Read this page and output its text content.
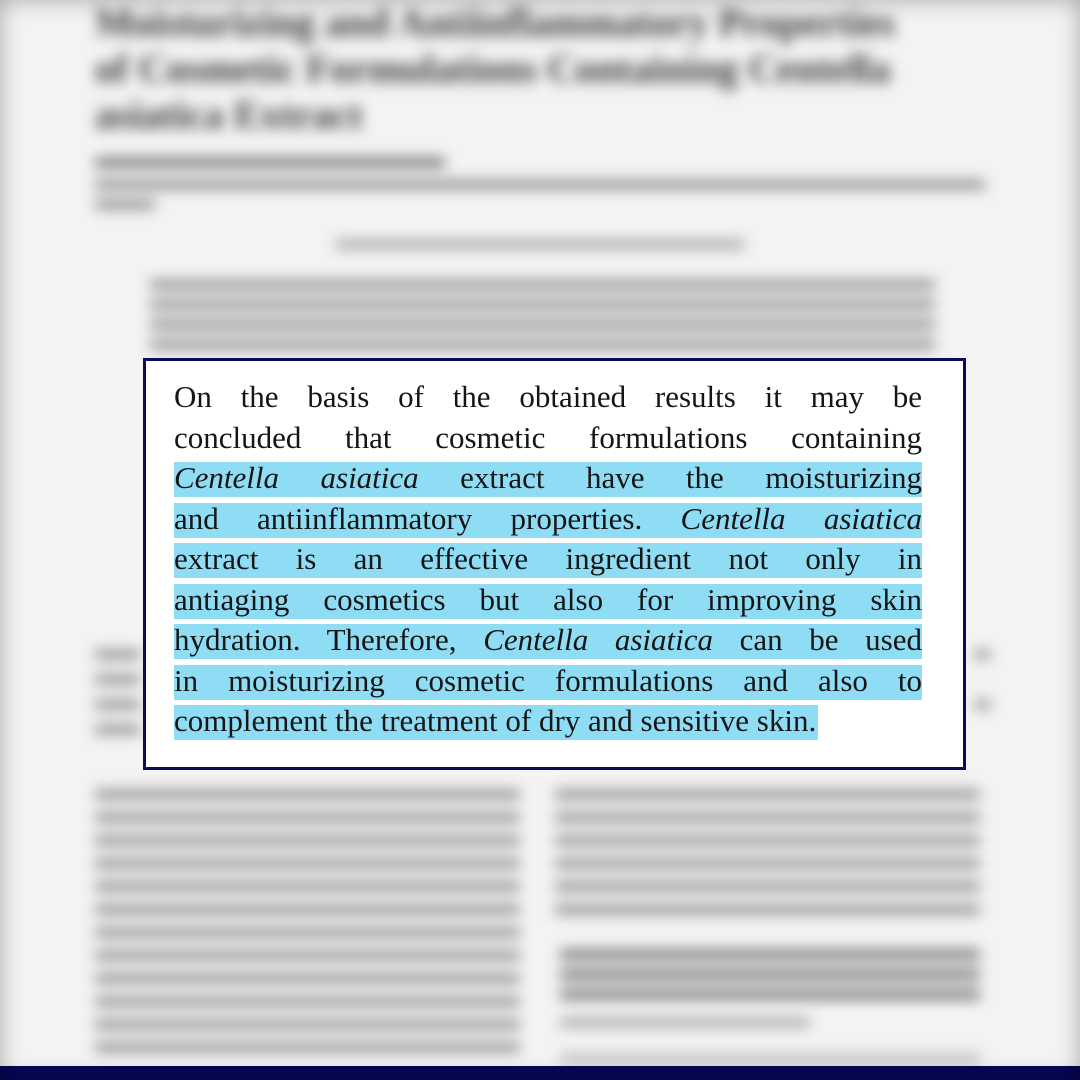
Moisturizing and Antiinflammatory Properties of Cosmetic Formulations Containing Centella asiatica Extract
On the basis of the obtained results it may be
concluded that cosmetic formulations containing
Centella asiatica extract have the moisturizing
and antiinflammatory properties. Centella asiatica
extract is an effective ingredient not only in
antiaging cosmetics but also for improving skin
hydration. Therefore, Centella asiatica can be used
in moisturizing cosmetic formulations and also to
complement the treatment of dry and sensitive skin.
